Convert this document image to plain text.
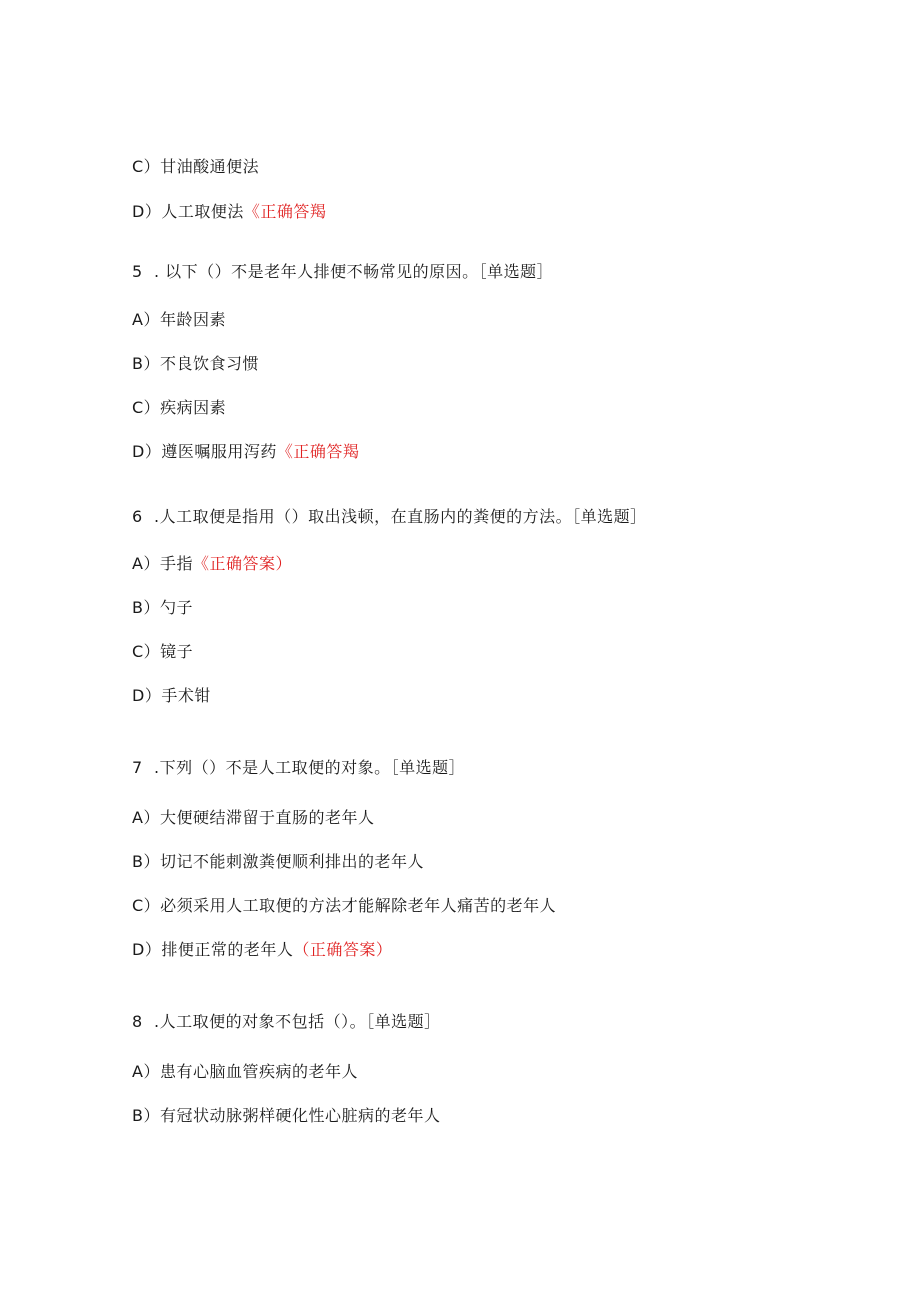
C）甘油酸通便法
D）人工取便法《正确答羯
5 . 以下（）不是老年人排便不畅常见的原因。［单选题］
A）年龄因素
B）不良饮食习惯
C）疾病因素
D）遵医嘱服用泻药《正确答羯
6 .人工取便是指用（）取出浅顿，在直肠内的粪便的方法。［单选题］
A）手指《正确答案）
B）勺子
C）镜子
D）手术钳
7 .下列（）不是人工取便的对象。［单选题］
A）大便硬结滞留于直肠的老年人
B）切记不能刺激粪便顺利排出的老年人
C）必须采用人工取便的方法才能解除老年人痛苦的老年人
D）排便正常的老年人（正确答案）
8 .人工取便的对象不包括（）。［单选题］
A）患有心脑血管疾病的老年人
B）有冠状动脉粥样硬化性心脏病的老年人
